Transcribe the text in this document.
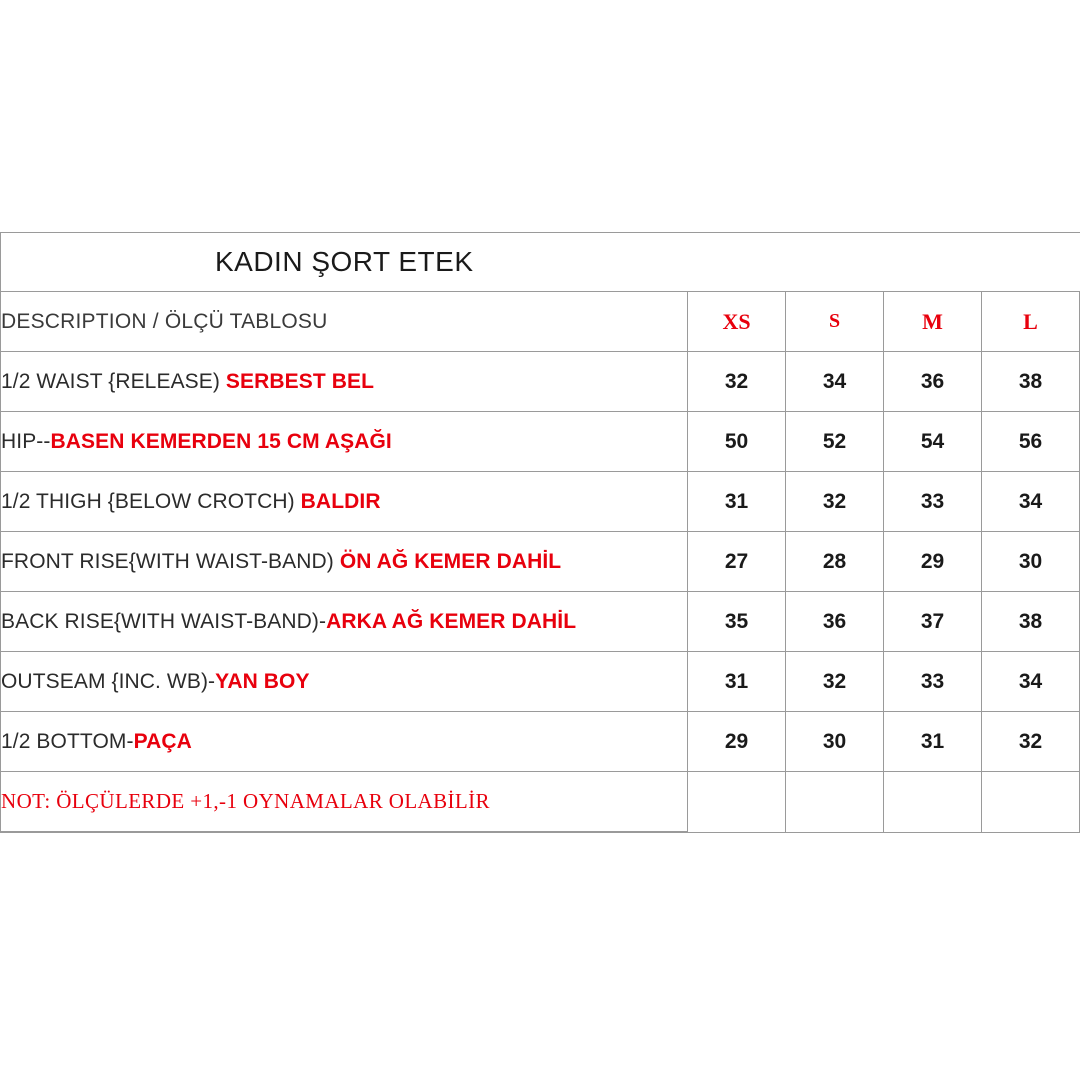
KADIN ŞORT ETEK				
DESCRIPTION / ÖLÇÜ TABLOSU	XS	S	M	L
1/2 WAIST {RELEASE) SERBEST BEL	32	34	36	38
HIP--BASEN KEMERDEN 15 CM AŞAĞI	50	52	54	56
1/2 THIGH {BELOW CROTCH) BALDIR	31	32	33	34
FRONT RISE{WITH WAIST-BAND) ÖN AĞ KEMER DAHİL	27	28	29	30
BACK RISE{WITH WAIST-BAND)-ARKA AĞ KEMER DAHİL	35	36	37	38
OUTSEAM {INC. WB)-YAN BOY	31	32	33	34
1/2 BOTTOM-PAÇA	29	30	31	32
NOT: ÖLÇÜLERDE +1,-1 OYNAMALAR OLABİLİR				
